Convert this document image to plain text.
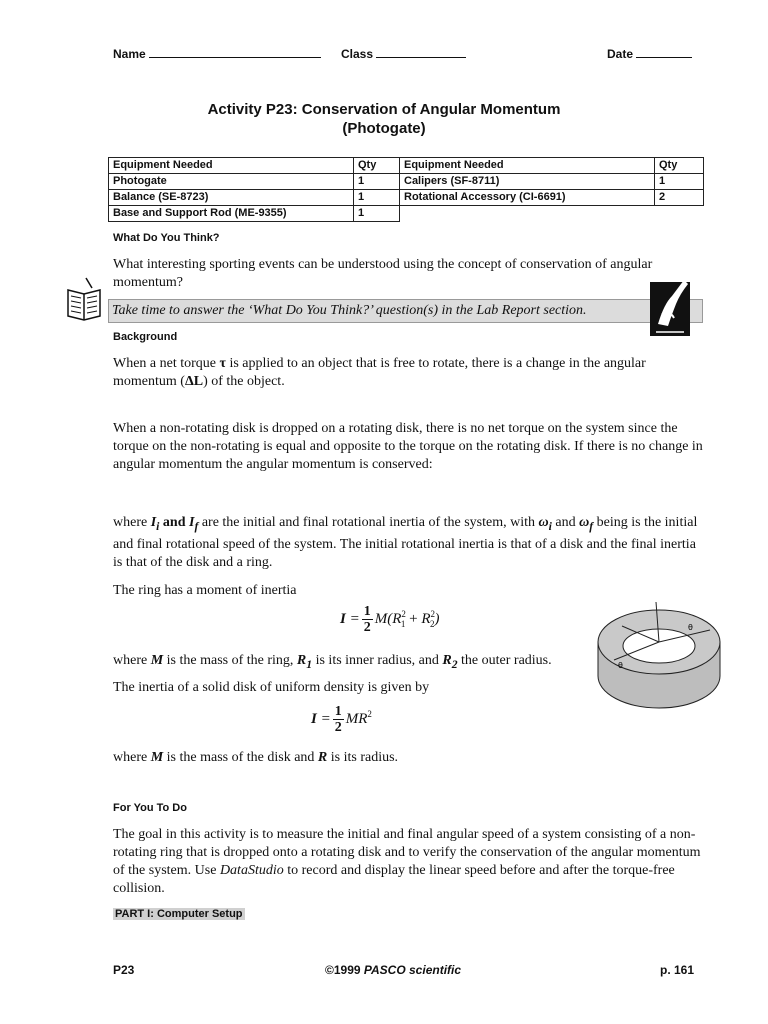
Name	Class	Date
Activity P23: Conservation of Angular Momentum
(Photogate)
Equipment Needed	Qty	Equipment Needed	Qty
Photogate	1	Calipers (SF-8711)	1
Balance (SE-8723)	1	Rotational Accessory (CI-6691)	2
Base and Support Rod (ME-9355)	1		
What Do You Think?
What interesting sporting events can be understood using the concept of conservation of angular momentum?
Take time to answer the ‘What Do You Think?’ question(s) in the Lab Report section.
Background
When a net torque τ is applied to an object that is free to rotate, there is a change in the angular momentum (ΔL) of the object.
When a non-rotating disk is dropped on a rotating disk, there is no net torque on the system since the torque on the non-rotating is equal and opposite to the torque on the rotating disk. If there is no change in angular momentum the angular momentum is conserved:
where $I_i$ and $I_f$ are the initial and final rotational inertia of the system, with $\omega_i$ and $\omega_f$ being is the initial and final rotational speed of the system. The initial rotational inertia is that of a disk and the final inertia is that of the disk and a ring.
The ring has a moment of inertia
$I = \frac{1}{2} M(R^2_1 + R^2_2)$
θ
θ
where M is the mass of the ring, $R_1$ is its inner radius, and $R_2$ the outer radius.
The inertia of a solid disk of uniform density is given by
$I = \frac{1}{2} MR^2$
where M is the mass of the disk and R is its radius.
For You To Do
The goal in this activity is to measure the initial and final angular speed of a system consisting of a non-rotating ring that is dropped onto a rotating disk and to verify the conservation of the angular momentum of the system. Use DataStudio to record and display the linear speed before and after the torque-free collision.
PART I: Computer Setup
P23	©1999 PASCO scientific	p. 161
